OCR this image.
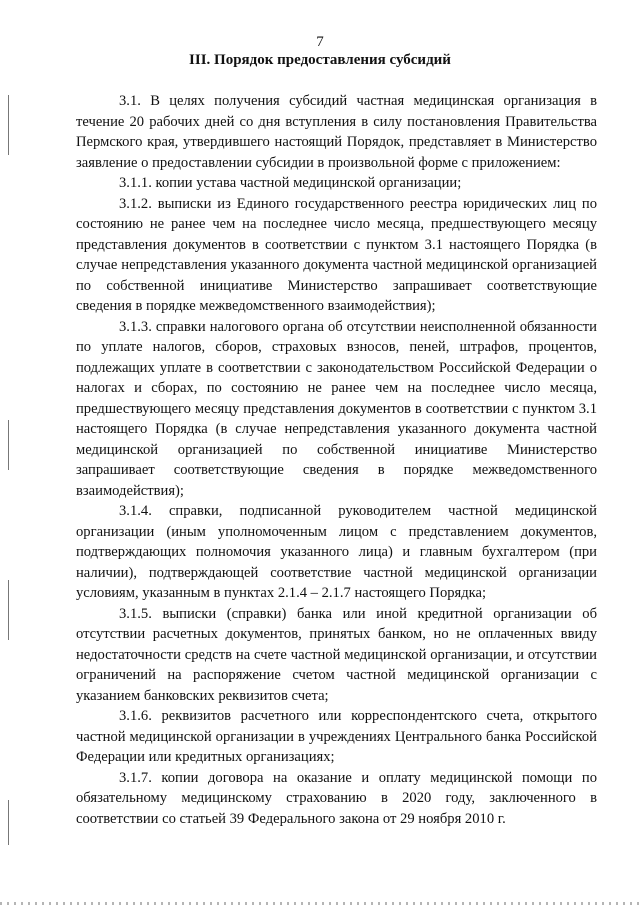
7
III. Порядок предоставления субсидий

3.1. В целях получения субсидий частная медицинская организация в течение 20 рабочих дней со дня вступления в силу постановления Правительства Пермского края, утвердившего настоящий Порядок, представляет в Министерство заявление о предоставлении субсидии в произвольной форме с приложением:

3.1.1. копии устава частной медицинской организации;

3.1.2. выписки из Единого государственного реестра юридических лиц по состоянию не ранее чем на последнее число месяца, предшествующего месяцу представления документов в соответствии с пунктом 3.1 настоящего Порядка (в случае непредставления указанного документа частной медицинской организацией по собственной инициативе Министерство запрашивает соответствующие сведения в порядке межведомственного взаимодействия);

3.1.3. справки налогового органа об отсутствии неисполненной обязанности по уплате налогов, сборов, страховых взносов, пеней, штрафов, процентов, подлежащих уплате в соответствии с законодательством Российской Федерации о налогах и сборах, по состоянию не ранее чем на последнее число месяца, предшествующего месяцу представления документов в соответствии с пунктом 3.1 настоящего Порядка (в случае непредставления указанного документа частной медицинской организацией по собственной инициативе Министерство запрашивает соответствующие сведения в порядке межведомственного взаимодействия);

3.1.4. справки, подписанной руководителем частной медицинской организации (иным уполномоченным лицом с представлением документов, подтверждающих полномочия указанного лица) и главным бухгалтером (при наличии), подтверждающей соответствие частной медицинской организации условиям, указанным в пунктах 2.1.4 – 2.1.7 настоящего Порядка;

3.1.5. выписки (справки) банка или иной кредитной организации об отсутствии расчетных документов, принятых банком, но не оплаченных ввиду недостаточности средств на счете частной медицинской организации, и отсутствии ограничений на распоряжение счетом частной медицинской организации с указанием банковских реквизитов счета;

3.1.6. реквизитов расчетного или корреспондентского счета, открытого частной медицинской организации в учреждениях Центрального банка Российской Федерации или кредитных организациях;

3.1.7. копии договора на оказание и оплату медицинской помощи по обязательному медицинскому страхованию в 2020 году, заключенного в соответствии со статьей 39 Федерального закона от 29 ноября 2010 г.
